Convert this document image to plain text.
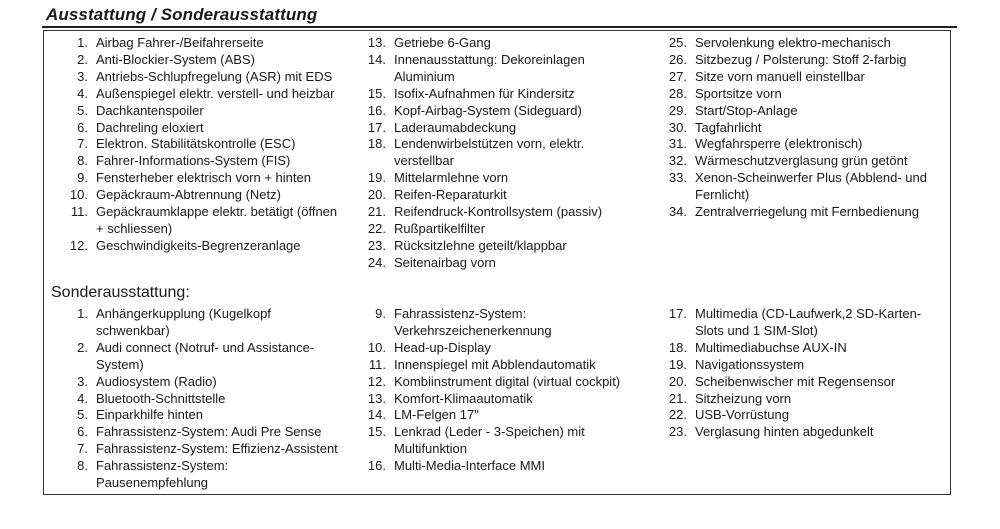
Ausstattung / Sonderausstattung
1. Airbag Fahrer-/Beifahrerseite
2. Anti-Blockier-System (ABS)
3. Antriebs-Schlupfregelung (ASR) mit EDS
4. Außenspiegel elektr. verstell- und heizbar
5. Dachkantenspoiler
6. Dachreling eloxiert
7. Elektron. Stabilitätskontrolle (ESC)
8. Fahrer-Informations-System (FIS)
9. Fensterheber elektrisch vorn + hinten
10. Gepäckraum-Abtrennung (Netz)
11. Gepäckraumklappe elektr. betätigt (öffnen
+ schliessen)
12. Geschwindigkeits-Begrenzeranlage
13. Getriebe 6-Gang
14. Innenausstattung: Dekoreinlagen
Aluminium
15. Isofix-Aufnahmen für Kindersitz
16. Kopf-Airbag-System (Sideguard)
17. Laderaumabdeckung
18. Lendenwirbelstützen vorn, elektr.
verstellbar
19. Mittelarmlehne vorn
20. Reifen-Reparaturkit
21. Reifendruck-Kontrollsystem (passiv)
22. Rußpartikelfilter
23. Rücksitzlehne geteilt/klappbar
24. Seitenairbag vorn
25. Servolenkung elektro-mechanisch
26. Sitzbezug / Polsterung: Stoff 2-farbig
27. Sitze vorn manuell einstellbar
28. Sportsitze vorn
29. Start/Stop-Anlage
30. Tagfahrlicht
31. Wegfahrsperre (elektronisch)
32. Wärmeschutzverglasung grün getönt
33. Xenon-Scheinwerfer Plus (Abblend- und
Fernlicht)
34. Zentralverriegelung mit Fernbedienung
Sonderausstattung:
1. Anhängerkupplung (Kugelkopf
schwenkbar)
2. Audi connect (Notruf- und Assistance-
System)
3. Audiosystem (Radio)
4. Bluetooth-Schnittstelle
5. Einparkhilfe hinten
6. Fahrassistenz-System: Audi Pre Sense
7. Fahrassistenz-System: Effizienz-Assistent
8. Fahrassistenz-System:
Pausenempfehlung
9. Fahrassistenz-System:
Verkehrszeichenerkennung
10. Head-up-Display
11. Innenspiegel mit Abblendautomatik
12. Kombiinstrument digital (virtual cockpit)
13. Komfort-Klimaautomatik
14. LM-Felgen 17"
15. Lenkrad (Leder - 3-Speichen) mit
Multifunktion
16. Multi-Media-Interface MMI
17. Multimedia (CD-Laufwerk,2 SD-Karten-
Slots und 1 SIM-Slot)
18. Multimediabuchse AUX-IN
19. Navigationssystem
20. Scheibenwischer mit Regensensor
21. Sitzheizung vorn
22. USB-Vorrüstung
23. Verglasung hinten abgedunkelt
